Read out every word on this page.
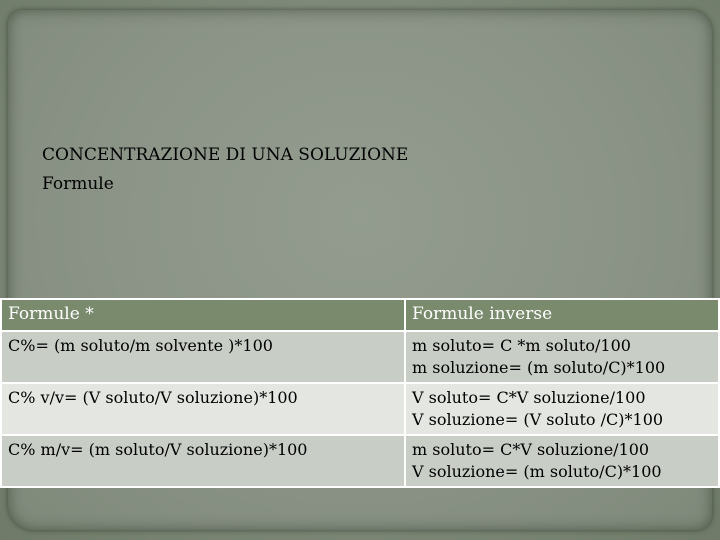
CONCENTRAZIONE DI UNA SOLUZIONE
Formule
Formule *	Formule inverse
C%= (m soluto/m solvente )*100	m soluto= C *m soluto/100
m soluzione= (m soluto/C)*100

C% v/v= (V soluto/V soluzione)*100	V soluto= C*V soluzione/100
V soluzione= (V soluto /C)*100

C% m/v= (m soluto/V soluzione)*100	m soluto= C*V soluzione/100
V soluzione= (m soluto/C)*100
